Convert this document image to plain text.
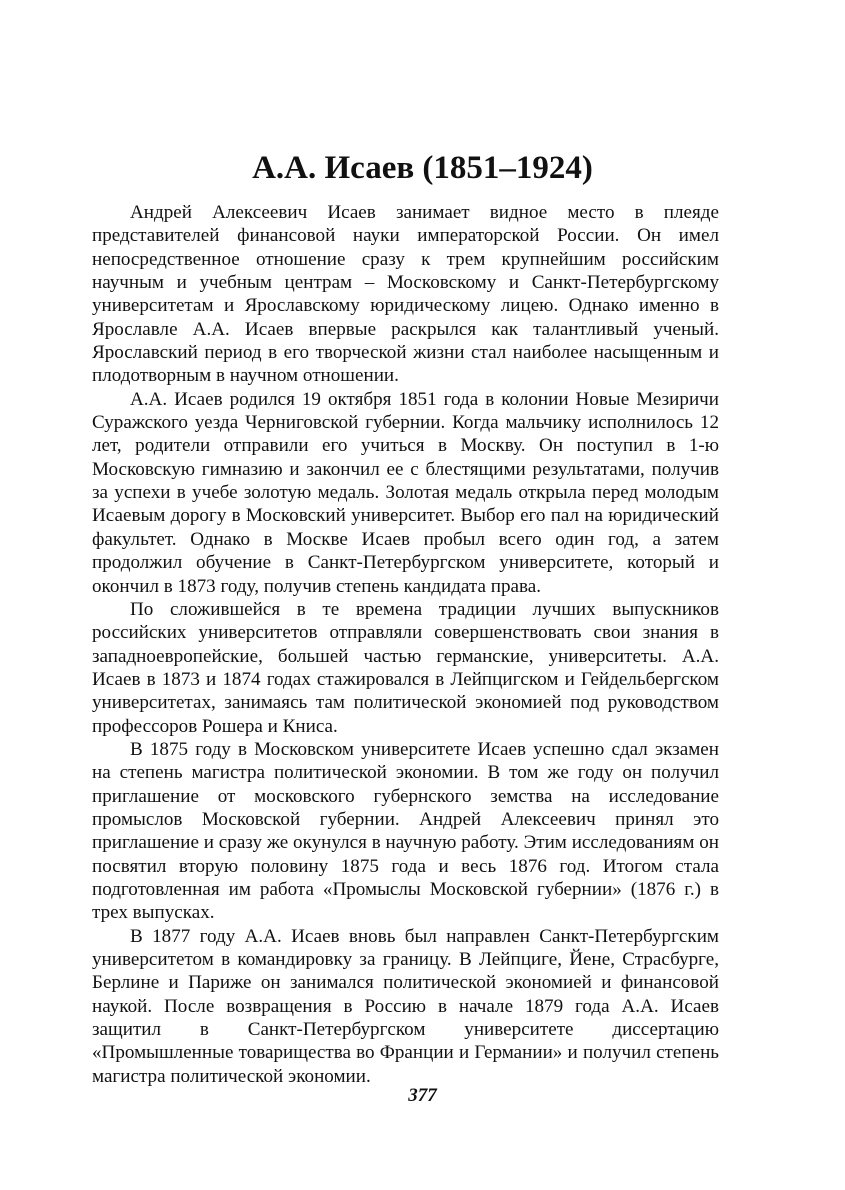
А.А. Исаев (1851–1924)

Андрей Алексеевич Исаев занимает видное место в плеяде представителей финансовой науки императорской России. Он имел непосредственное отношение сразу к трем крупнейшим российским научным и учебным центрам – Московскому и Санкт-Петербургскому университетам и Ярославскому юридическому лицею. Однако именно в Ярославле А.А. Исаев впервые раскрылся как талантливый ученый. Ярославский период в его творческой жизни стал наиболее насыщенным и плодотворным в научном отношении.

А.А. Исаев родился 19 октября 1851 года в колонии Новые Мезиричи Суражского уезда Черниговской губернии. Когда мальчику исполнилось 12 лет, родители отправили его учиться в Москву. Он поступил в 1-ю Московскую гимназию и закончил ее с блестящими результатами, получив за успехи в учебе золотую медаль. Золотая медаль открыла перед молодым Исаевым дорогу в Московский университет. Выбор его пал на юридический факультет. Однако в Москве Исаев пробыл всего один год, а затем продолжил обучение в Санкт-Петербургском университете, который и окончил в 1873 году, получив степень кандидата права.

По сложившейся в те времена традиции лучших выпускников российских университетов отправляли совершенствовать свои знания в западноевропейские, большей частью германские, университеты. А.А. Исаев в 1873 и 1874 годах стажировался в Лейпцигском и Гейдельбергском университетах, занимаясь там политической экономией под руководством профессоров Рошера и Книса.

В 1875 году в Московском университете Исаев успешно сдал экзамен на степень магистра политической экономии. В том же году он получил приглашение от московского губернского земства на исследование промыслов Московской губернии. Андрей Алексеевич принял это приглашение и сразу же окунулся в научную работу. Этим исследованиям он посвятил вторую половину 1875 года и весь 1876 год. Итогом стала подготовленная им работа «Промыслы Московской губернии» (1876 г.) в трех выпусках.

В 1877 году А.А. Исаев вновь был направлен Санкт-Петербургским университетом в командировку за границу. В Лейпциге, Йене, Страсбурге, Берлине и Париже он занимался политической экономией и финансовой наукой. После возвращения в Россию в начале 1879 года А.А. Исаев защитил в Санкт-Петербургском университете диссертацию «Промышленные товарищества во Франции и Германии» и получил степень магистра политической экономии.

377
